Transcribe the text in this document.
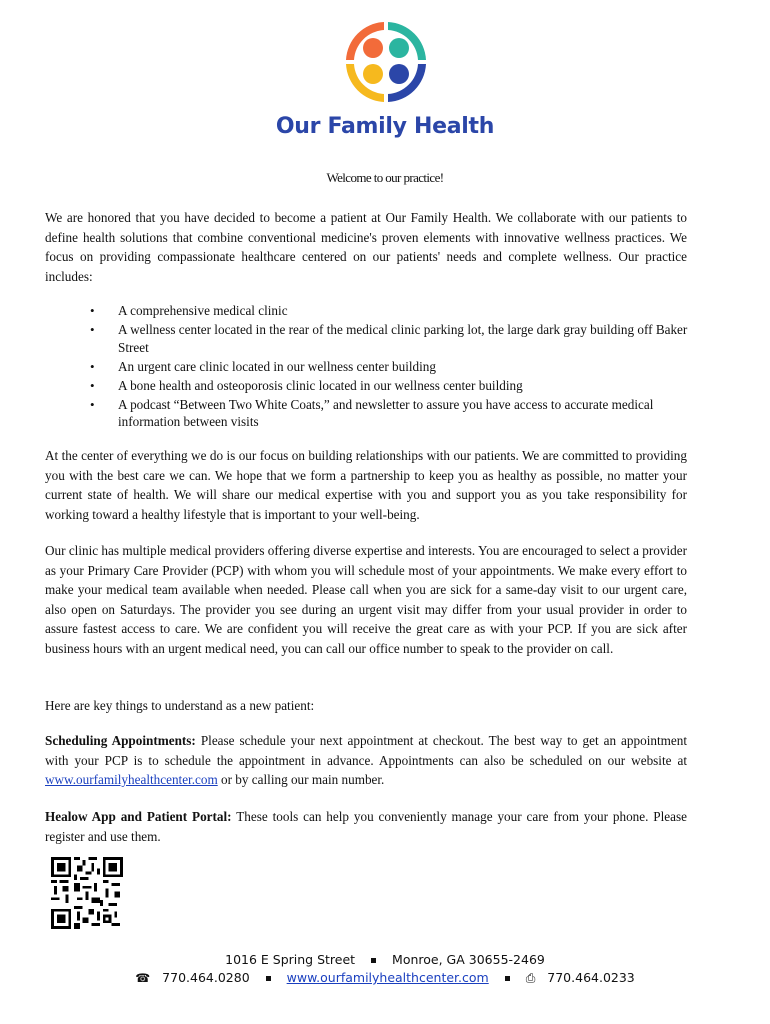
Our Family Health
Welcome to our practice!

We are honored that you have decided to become a patient at Our Family Health. We collaborate with our patients to define health solutions that combine conventional medicine's proven elements with innovative wellness practices. We focus on providing compassionate healthcare centered on our patients' needs and complete wellness. Our practice includes:

• A comprehensive medical clinic
• A wellness center located in the rear of the medical clinic parking lot, the large dark gray building off Baker Street
• An urgent care clinic located in our wellness center building
• A bone health and osteoporosis clinic located in our wellness center building
• A podcast “Between Two White Coats,” and newsletter to assure you have access to accurate medical information between visits

At the center of everything we do is our focus on building relationships with our patients. We are committed to providing you with the best care we can. We hope that we form a partnership to keep you as healthy as possible, no matter your current state of health. We will share our medical expertise with you and support you as you take responsibility for working toward a healthy lifestyle that is important to your well-being.

Our clinic has multiple medical providers offering diverse expertise and interests. You are encouraged to select a provider as your Primary Care Provider (PCP) with whom you will schedule most of your appointments. We make every effort to make your medical team available when needed. Please call when you are sick for a same-day visit to our urgent care, also open on Saturdays. The provider you see during an urgent visit may differ from your usual provider in order to assure fastest access to care. We are confident you will receive the great care as with your PCP. If you are sick after business hours with an urgent medical need, you can call our office number to speak to the provider on call.

Here are key things to understand as a new patient:

Scheduling Appointments: Please schedule your next appointment at checkout. The best way to get an appointment with your PCP is to schedule the appointment in advance. Appointments can also be scheduled on our website at www.ourfamilyhealthcenter.com or by calling our main number.

Healow App and Patient Portal: These tools can help you conveniently manage your care from your phone. Please register and use them.

1016 E Spring Street	Monroe, GA 30655-2469
☎ 770.464.0280	www.ourfamilyhealthcenter.com	⎙ 770.464.0233
